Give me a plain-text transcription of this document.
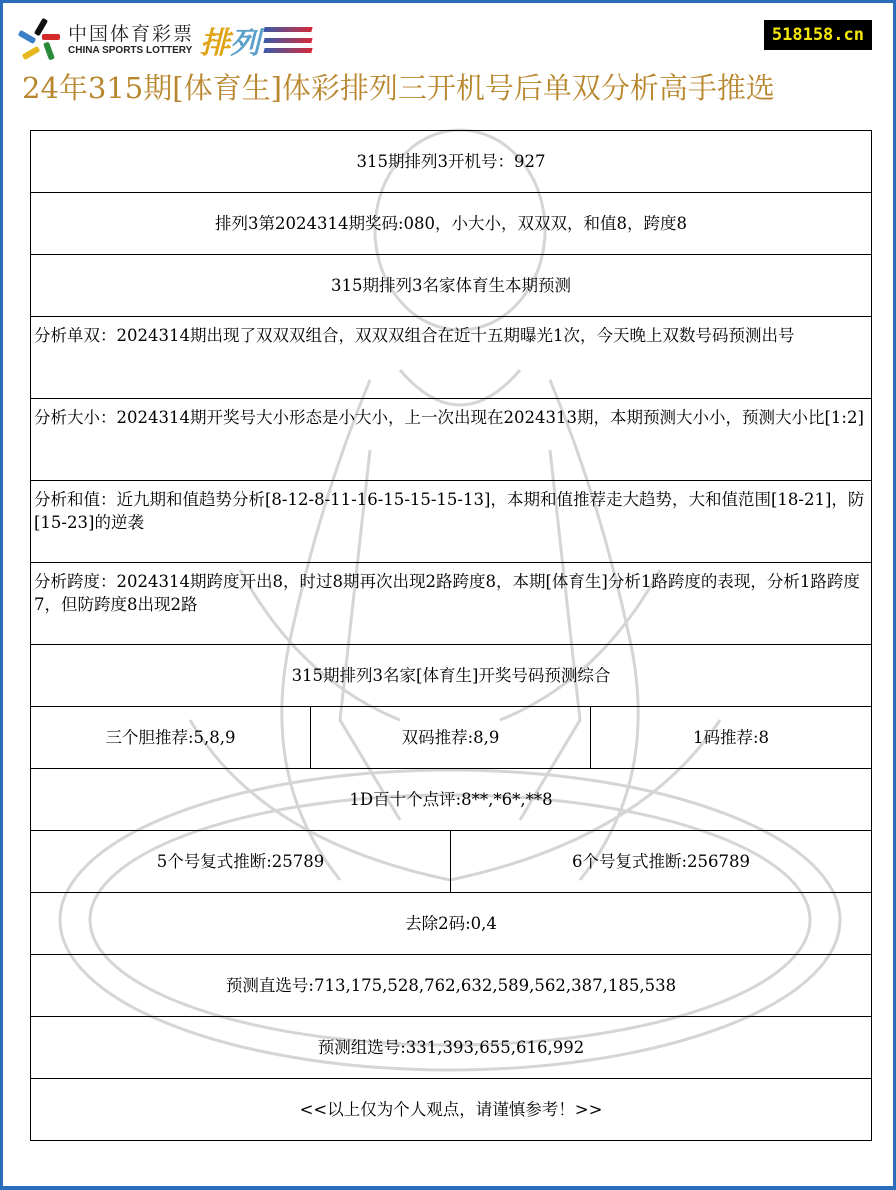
中国体育彩票
CHINA SPORTS LOTTERY 排 列	518158.cn
24年315期[体育生]体彩排列三开机号后单双分析高手推选
315期排列3开机号：927			
排列3第2024314期奖码:080，小大小，双双双，和值8，跨度8			
315期排列3名家体育生本期预测			
分析单双：2024314期出现了双双双组合，双双双组合在近十五期曝光1次，今天晚上双数号码预测出号			
分析大小：2024314期开奖号大小形态是小大小，上一次出现在2024313期，本期预测大小小，预测大小比[1:2]			
分析和值：近九期和值趋势分析[8-12-8-11-16-15-15-15-13]，本期和值推荐走大趋势，大和值范围[18-21]，防[15-23]的逆袭			
分析跨度：2024314期跨度开出8，时过8期再次出现2路跨度8，本期[体育生]分析1路跨度的表现，分析1路跨度7，但防跨度8出现2路			
315期排列3名家[体育生]开奖号码预测综合			
三个胆推荐:5,8,9	双码推荐:8,9		1码推荐:8
1D百十个点评:8**,*6*,**8			
5个号复式推断:25789		6个号复式推断:256789	
去除2码:0,4			
预测直选号:713,175,528,762,632,589,562,387,185,538			
预测组选号:331,393,655,616,992			
<<以上仅为个人观点，请谨慎参考！>>			
